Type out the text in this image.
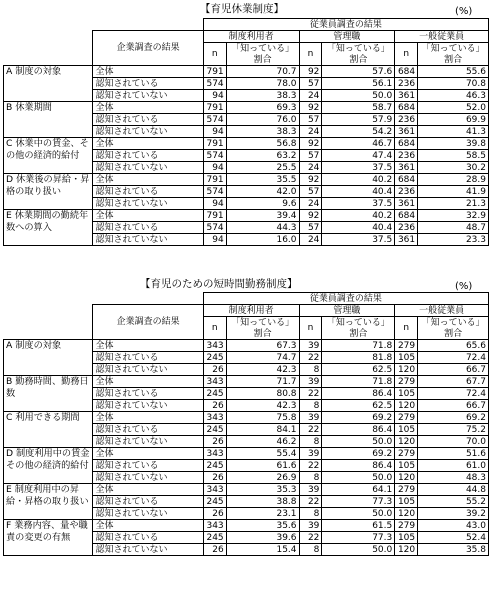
【育児休業制度】	(%)
		従業員調査の結果					
	企業調査の結果	制度利用者		管理職		一般従業員	
		n	「知っている」	n	「知っている」	n	「知っている」
			割合		割合		割合
A 制度の対象	全体	791	70.7	92	57.6	684	55.6
	認知されている	574	78.0	57	56.1	236	70.8
	認知されていない	94	38.3	24	50.0	361	46.3
B 休業期間	全体	791	69.3	92	58.7	684	52.0
	認知されている	574	76.0	57	57.9	236	69.9
	認知されていない	94	38.3	24	54.2	361	41.3
C 休業中の賃金、その他の経済的給付	全体	791	56.8	92	46.7	684	39.8
	認知されている	574	63.2	57	47.4	236	58.5
	認知されていない	94	25.5	24	37.5	361	30.2
D 休業後の昇給・昇格の取り扱い	全体	791	35.5	92	40.2	684	28.9
	認知されている	574	42.0	57	40.4	236	41.9
	認知されていない	94	9.6	24	37.5	361	21.3
E 休業期間の勤続年数への算入	全体	791	39.4	92	40.2	684	32.9
	認知されている	574	44.3	57	40.4	236	48.7
	認知されていない	94	16.0	24	37.5	361	23.3
【育児のための短時間勤務制度】	(%)
		従業員調査の結果					
	企業調査の結果	制度利用者		管理職		一般従業員	
		n	「知っている」	n	「知っている」	n	「知っている」
			割合		割合		割合
A 制度の対象	全体	343	67.3	39	71.8	279	65.6
	認知されている	245	74.7	22	81.8	105	72.4
	認知されていない	26	42.3	8	62.5	120	66.7
B 勤務時間、勤務日数	全体	343	71.7	39	71.8	279	67.7
	認知されている	245	80.8	22	86.4	105	72.4
	認知されていない	26	42.3	8	62.5	120	66.7
C 利用できる期間	全体	343	75.8	39	69.2	279	69.2
	認知されている	245	84.1	22	86.4	105	75.2
	認知されていない	26	46.2	8	50.0	120	70.0
D 制度利用中の賃金その他の経済的給付	全体	343	55.4	39	69.2	279	51.6
	認知されている	245	61.6	22	86.4	105	61.0
	認知されていない	26	26.9	8	50.0	120	48.3
E 制度利用中の昇給・昇格の取り扱い	全体	343	35.3	39	64.1	279	44.8
	認知されている	245	38.8	22	77.3	105	55.2
	認知されていない	26	23.1	8	50.0	120	39.2
F 業務内容、量や職責の変更の有無	全体	343	35.6	39	61.5	279	43.0
	認知されている	245	39.6	22	77.3	105	52.4
	認知されていない	26	15.4	8	50.0	120	35.8
